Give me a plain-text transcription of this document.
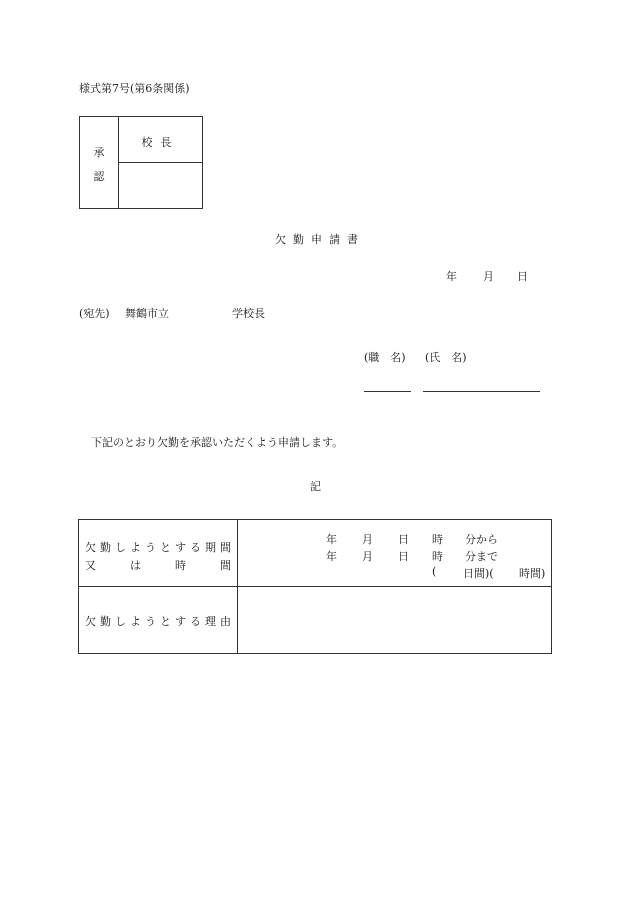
様式第7号(第6条関係)
承
認
校長
欠勤申請書
年 月 日
(宛先) 舞鶴市立	学校長
(職　名) (氏　名)
下記のとおり欠勤を承認いただくよう申請します。
記
欠 勤 し よ う と す る 期 間
又	は	時	間
年 月 日 時 分から
年 月 日 時 分まで
( 日間)( 時間)
欠 勤 し よ う と す る 理 由
